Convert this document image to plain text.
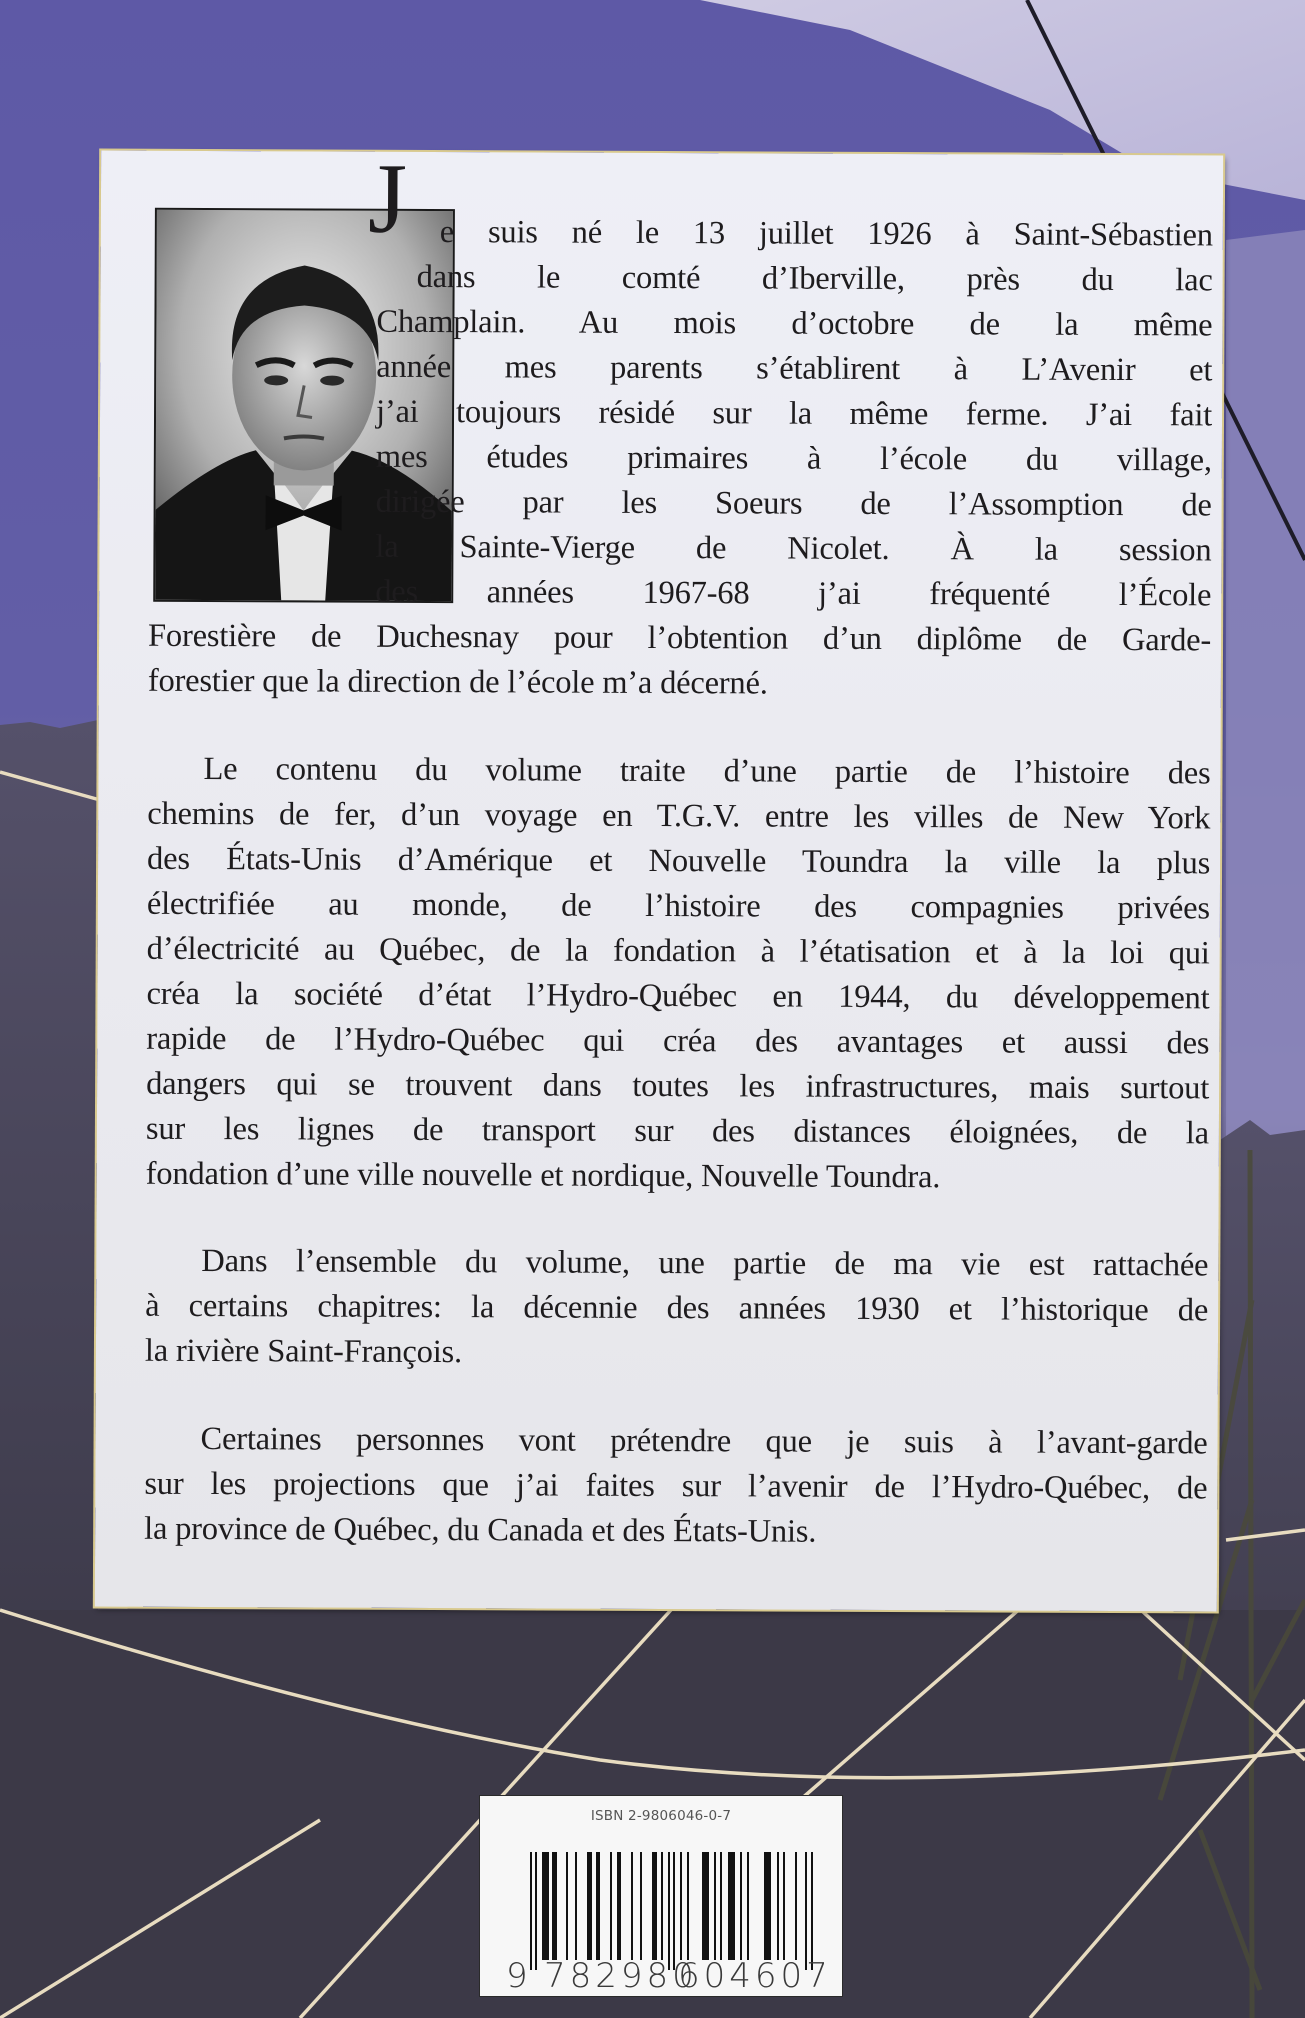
J e suis né le 13 juillet 1926 à Saint-Sébastien
dans le comté d’Iberville, près du lac
Champlain. Au mois d’octobre de la même
année mes parents s’établirent à L’Avenir et
j’ai toujours résidé sur la même ferme. J’ai fait
mes études primaires à l’école du village,
dirigée par les Soeurs de l’Assomption de
la Sainte-Vierge de Nicolet. À la session
des années 1967-68 j’ai fréquenté l’École
Forestière de Duchesnay pour l’obtention d’un diplôme de Garde-
forestier que la direction de l’école m’a décerné.
Le contenu du volume traite d’une partie de l’histoire des
chemins de fer, d’un voyage en T.G.V. entre les villes de New York
des États-Unis d’Amérique et Nouvelle Toundra la ville la plus
électrifiée au monde, de l’histoire des compagnies privées
d’électricité au Québec, de la fondation à l’étatisation et à la loi qui
créa la société d’état l’Hydro-Québec en 1944, du développement
rapide de l’Hydro-Québec qui créa des avantages et aussi des
dangers qui se trouvent dans toutes les infrastructures, mais surtout
sur les lignes de transport sur des distances éloignées, de la
fondation d’une ville nouvelle et nordique, Nouvelle Toundra.
Dans l’ensemble du volume, une partie de ma vie est rattachée
à certains chapitres: la décennie des années 1930 et l’historique de
la rivière Saint-François.
Certaines personnes vont prétendre que je suis à l’avant-garde
sur les projections que j’ai faites sur l’avenir de l’Hydro-Québec, de
la province de Québec, du Canada et des États-Unis.
ISBN 2-9806046-0-7
9 782980
604607
